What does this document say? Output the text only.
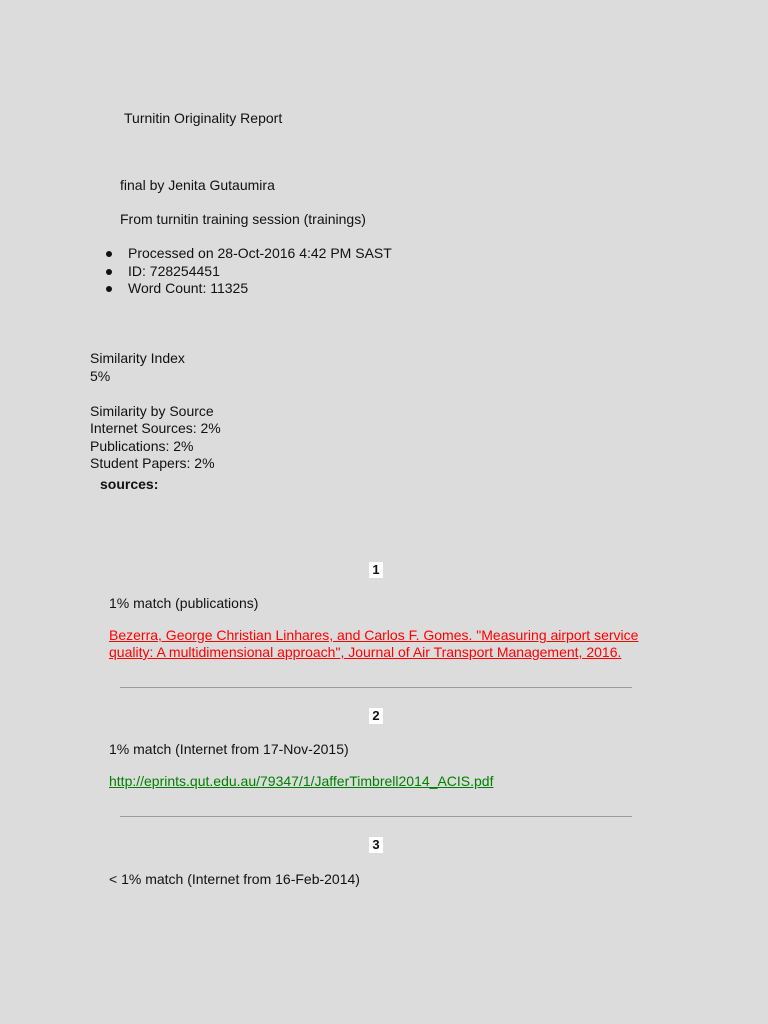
Turnitin Originality Report
final by Jenita Gutaumira
From turnitin training session (trainings)
Processed on 28-Oct-2016 4:42 PM SAST
ID: 728254451
Word Count: 11325
Similarity Index
5%
Similarity by Source
Internet Sources: 2%
Publications: 2%
Student Papers: 2%
sources:
1
1% match (publications)
Bezerra, George Christian Linhares, and Carlos F. Gomes. "Measuring airport service quality: A multidimensional approach", Journal of Air Transport Management, 2016.
2
1% match (Internet from 17-Nov-2015)
http://eprints.qut.edu.au/79347/1/JafferTimbrell2014_ACIS.pdf
3
< 1% match (Internet from 16-Feb-2014)
